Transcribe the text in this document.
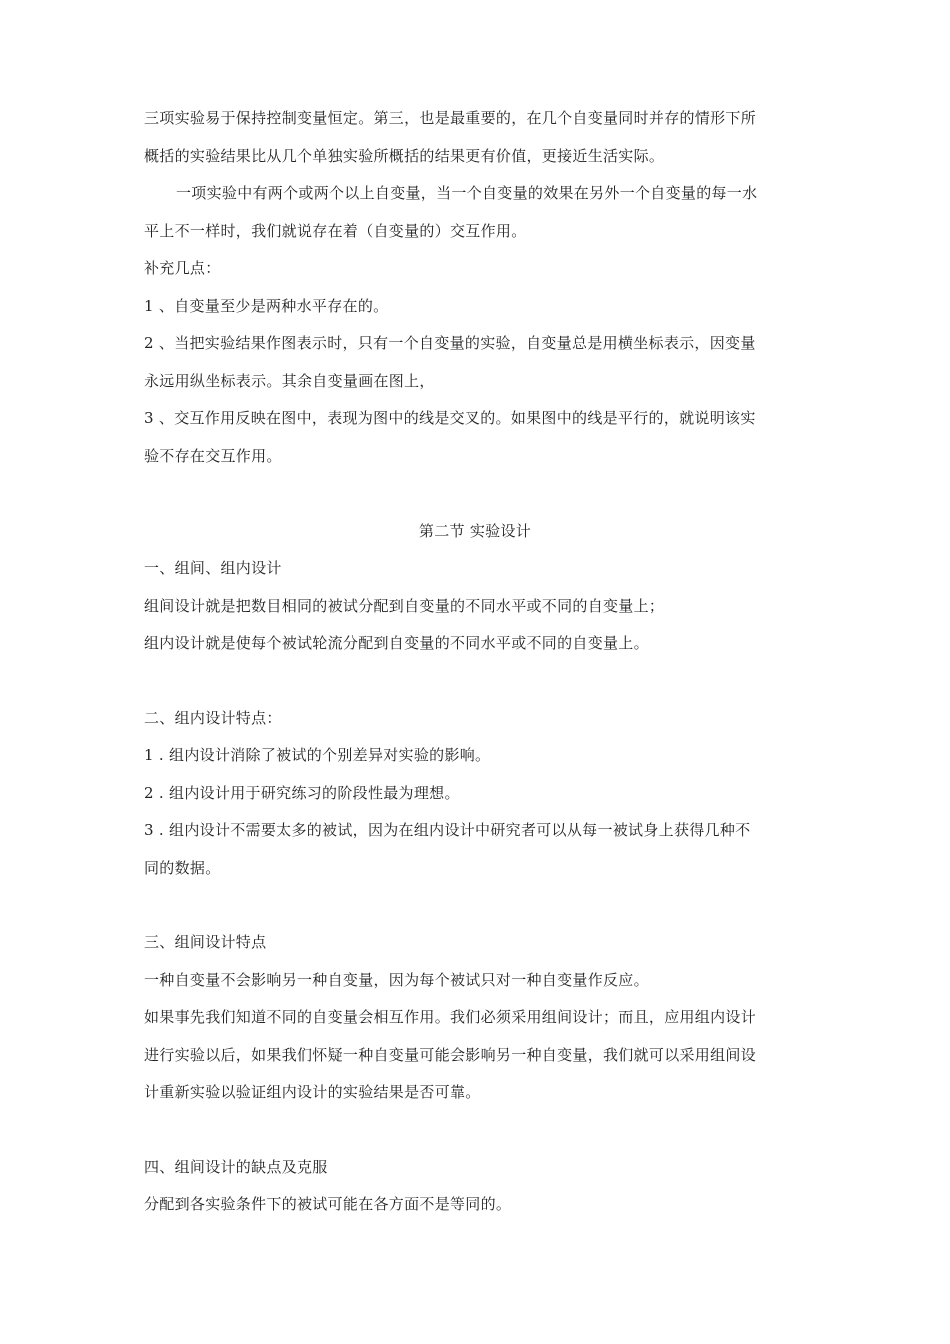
三项实验易于保持控制变量恒定。第三，也是最重要的，在几个自变量同时并存的情形下所
概括的实验结果比从几个单独实验所概括的结果更有价值，更接近生活实际。
一项实验中有两个或两个以上自变量，当一个自变量的效果在另外一个自变量的每一水
平上不一样时，我们就说存在着（自变量的）交互作用。
补充几点：
1 、自变量至少是两种水平存在的。
2 、当把实验结果作图表示时，只有一个自变量的实验，自变量总是用横坐标表示，因变量
永远用纵坐标表示。其余自变量画在图上，
3 、交互作用反映在图中，表现为图中的线是交叉的。如果图中的线是平行的，就说明该实
验不存在交互作用。
第二节 实验设计
一、组间、组内设计
组间设计就是把数目相同的被试分配到自变量的不同水平或不同的自变量上；
组内设计就是使每个被试轮流分配到自变量的不同水平或不同的自变量上。
二、组内设计特点：
1 . 组内设计消除了被试的个别差异对实验的影响。
2 . 组内设计用于研究练习的阶段性最为理想。
3 . 组内设计不需要太多的被试，因为在组内设计中研究者可以从每一被试身上获得几种不
同的数据。
三、组间设计特点
一种自变量不会影响另一种自变量，因为每个被试只对一种自变量作反应。
如果事先我们知道不同的自变量会相互作用。我们必须采用组间设计；而且，应用组内设计
进行实验以后，如果我们怀疑一种自变量可能会影响另一种自变量，我们就可以采用组间设
计重新实验以验证组内设计的实验结果是否可靠。
四、组间设计的缺点及克服
分配到各实验条件下的被试可能在各方面不是等同的。
